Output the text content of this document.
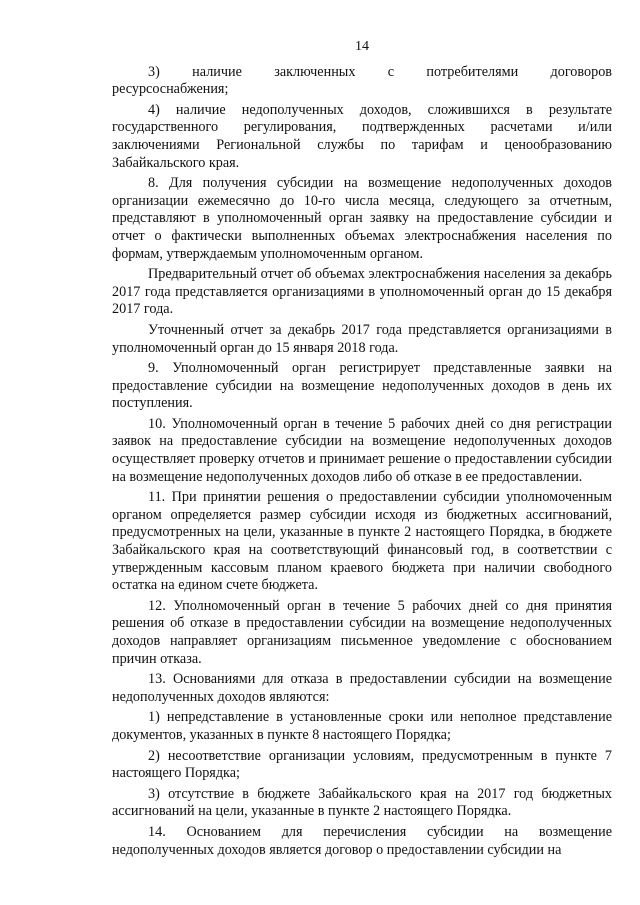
14

3)   наличие   заключенных   с   потребителями   договоров ресурсоснабжения;

4) наличие недополученных доходов, сложившихся в результате государственного регулирования, подтвержденных расчетами и/или заключениями Региональной службы по тарифам и ценообразованию Забайкальского края.

8. Для получения субсидии на возмещение недополученных доходов организации ежемесячно до 10-го числа месяца, следующего за отчетным, представляют в уполномоченный орган заявку на предоставление субсидии и отчет о фактически выполненных объемах электроснабжения населения по формам, утверждаемым уполномоченным органом.

Предварительный отчет об объемах электроснабжения населения за декабрь 2017 года представляется организациями в уполномоченный орган до 15 декабря 2017 года.

Уточненный отчет за декабрь 2017 года представляется организациями в уполномоченный орган до 15 января 2018 года.

9. Уполномоченный орган регистрирует представленные заявки на предоставление субсидии на возмещение недополученных доходов в день их поступления.

10. Уполномоченный орган в течение 5 рабочих дней со дня регистрации заявок на предоставление субсидии на возмещение недополученных доходов осуществляет проверку отчетов и принимает решение о предоставлении субсидии на возмещение недополученных доходов либо об отказе в ее предоставлении.

11. При принятии решения о предоставлении субсидии уполномоченным органом определяется размер субсидии исходя из бюджетных ассигнований, предусмотренных на цели, указанные в пункте 2 настоящего Порядка, в бюджете Забайкальского края на соответствующий финансовый год, в соответствии с утвержденным кассовым планом краевого бюджета при наличии свободного остатка на едином счете бюджета.

12. Уполномоченный орган в течение 5 рабочих дней со дня принятия решения об отказе в предоставлении субсидии на возмещение недополученных доходов направляет организациям письменное уведомление с обоснованием причин отказа.

13. Основаниями для отказа в предоставлении субсидии на возмещение недополученных доходов являются:

1) непредставление в установленные сроки или неполное представление документов, указанных в пункте 8 настоящего Порядка;

2) несоответствие организации условиям, предусмотренным в пункте 7 настоящего Порядка;

3) отсутствие в бюджете Забайкальского края на 2017 год бюджетных ассигнований на цели, указанные в пункте 2 настоящего Порядка.

14. Основанием для перечисления субсидии на возмещение недополученных доходов является договор о предоставлении субсидии на
